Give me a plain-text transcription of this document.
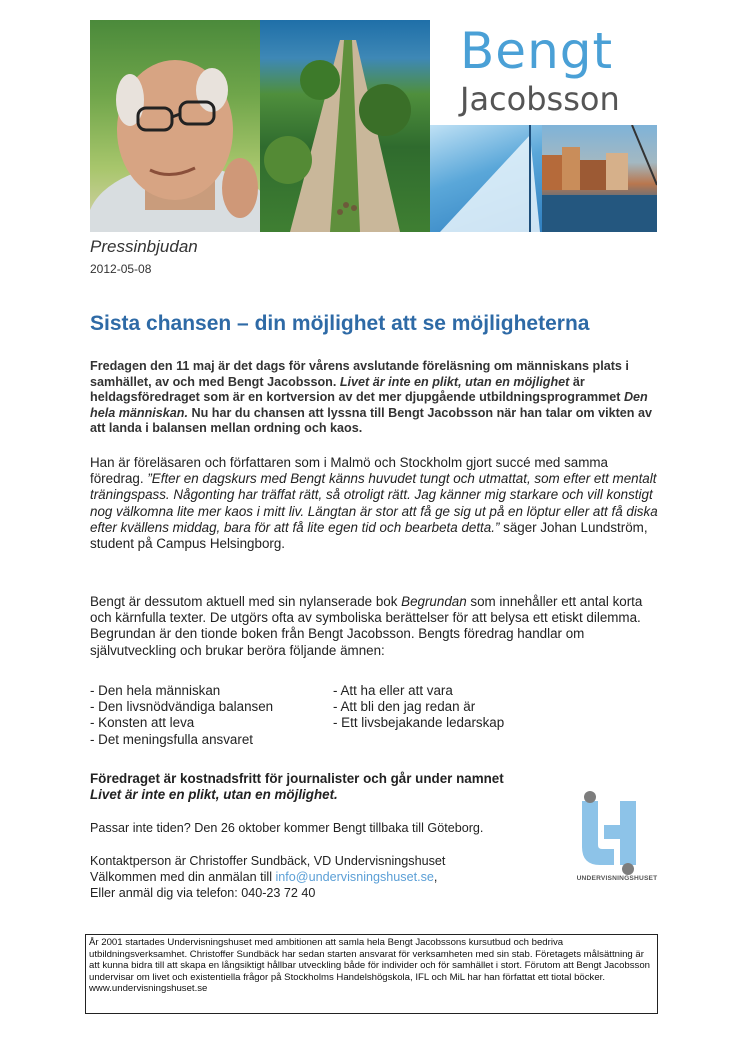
Bengt
Jacobsson
Pressinbjudan
2012-05-08
Sista chansen – din möjlighet att se möjligheterna

Fredagen den 11 maj är det dags för vårens avslutande föreläsning om människans plats i samhället, av och med Bengt Jacobsson. Livet är inte en plikt, utan en möjlighet är heldagsföredraget som är en kortversion av det mer djupgående utbildningsprogrammet Den hela människan. Nu har du chansen att lyssna till Bengt Jacobsson när han talar om vikten av att landa i balansen mellan ordning och kaos.

Han är föreläsaren och författaren som i Malmö och Stockholm gjort succé med samma föredrag. ”Efter en dagskurs med Bengt känns huvudet tungt och utmattat, som efter ett mentalt träningspass. Någonting har träffat rätt, så otroligt rätt. Jag känner mig starkare och vill konstigt nog välkomna lite mer kaos i mitt liv. Längtan är stor att få ge sig ut på en löptur eller att få diska efter kvällens middag, bara för att få lite egen tid och bearbeta detta.” säger Johan Lundström, student på Campus Helsingborg.

Bengt är dessutom aktuell med sin nylanserade bok Begrundan som innehåller ett antal korta och kärnfulla texter. De utgörs ofta av symboliska berättelser för att belysa ett etiskt dilemma. Begrundan är den tionde boken från Bengt Jacobsson. Bengts föredrag handlar om självutveckling och brukar beröra följande ämnen:

- Den hela människan
- Den livsnödvändiga balansen
- Konsten att leva
- Det meningsfulla ansvaret
- Att ha eller att vara
- Att bli den jag redan är
- Ett livsbejakande ledarskap
Föredraget är kostnadsfritt för journalister och går under namnet
Livet är inte en plikt, utan en möjlighet.
Passar inte tiden? Den 26 oktober kommer Bengt tillbaka till Göteborg.
Kontaktperson är Christoffer Sundbäck, VD Undervisningshuset
Välkommen med din anmälan till info@undervisningshuset.se,
Eller anmäl dig via telefon: 040-23 72 40
UNDERVISNINGSHUSET
År 2001 startades Undervisningshuset med ambitionen att samla hela Bengt Jacobssons kursutbud och bedriva utbildningsverksamhet. Christoffer Sundbäck har sedan starten ansvarat för verksamheten med sin stab. Företagets målsättning är att kunna bidra till att skapa en långsiktigt hållbar utveckling både för individer och för samhället i stort. Förutom att Bengt Jacobsson undervisar om livet och existentiella frågor på Stockholms Handelshögskola, IFL och MiL har han författat ett tiotal böcker. www.undervisningshuset.se
